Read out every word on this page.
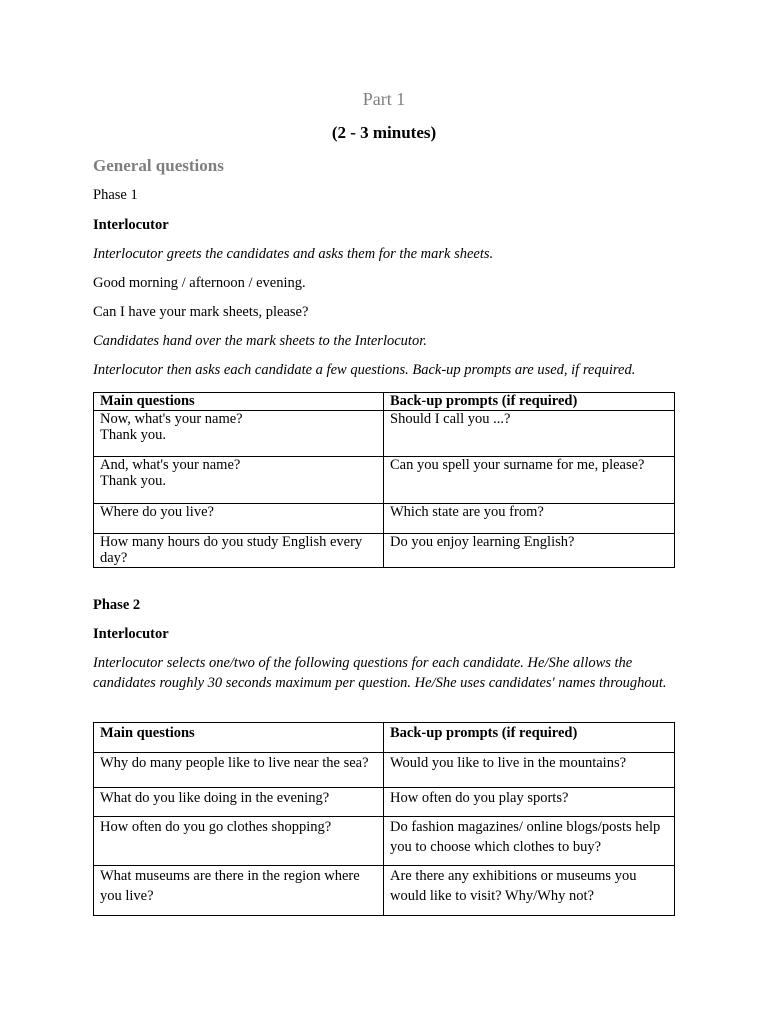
Part 1
(2 - 3 minutes)
General questions
Phase 1
Interlocutor
Interlocutor greets the candidates and asks them for the mark sheets.
Good morning / afternoon / evening.
Can I have your mark sheets, please?
Candidates hand over the mark sheets to the Interlocutor.
Interlocutor then asks each candidate a few questions. Back-up prompts are used, if required.
Main questions	Back-up prompts (if required)

Now, what's your name?
Thank you.	Should I call you ...?

And, what's your name?
Thank you.	Can you spell your surname for me, please?
Where do you live?	Which state are you from?
How many hours do you study English every day?	Do you enjoy learning English?
Phase 2
Interlocutor
Interlocutor selects one/two of the following questions for each candidate. He/She allows the candidates roughly 30 seconds maximum per question. He/She uses candidates' names throughout.
Main questions	Back-up prompts (if required)
Why do many people like to live near the sea?	Would you like to live in the mountains?
What do you like doing in the evening?	How often do you play sports?
How often do you go clothes shopping?	Do fashion magazines/ online blogs/posts help you to choose which clothes to buy?
What museums are there in the region where you live?	Are there any exhibitions or museums you would like to visit? Why/Why not?
